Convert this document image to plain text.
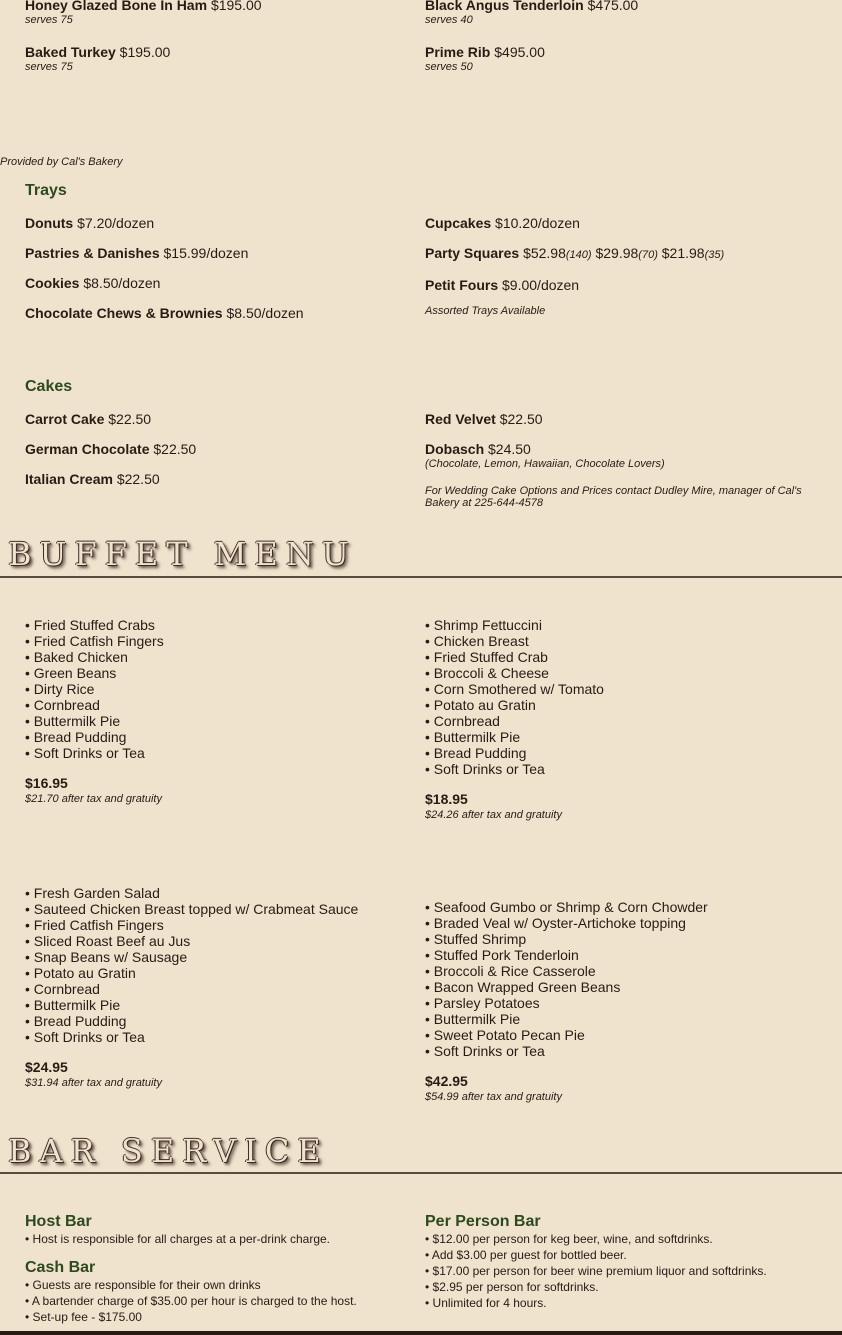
Honey Glazed Bone In Ham $195.00
serves 75
Baked Turkey $195.00
serves 75
Black Angus Tenderloin $475.00
serves 40
Prime Rib $495.00
serves 50
Provided by Cal's Bakery
Trays
Donuts $7.20/dozen
Pastries & Danishes $15.99/dozen
Cookies $8.50/dozen
Chocolate Chews & Brownies $8.50/dozen
Cupcakes $10.20/dozen
Party Squares $52.98(140) $29.98(70) $21.98(35)
Petit Fours $9.00/dozen
Assorted Trays Available
Cakes
Carrot Cake $22.50
German Chocolate $22.50
Italian Cream $22.50
Red Velvet $22.50
Dobasch $24.50
(Chocolate, Lemon, Hawaiian, Chocolate Lovers)
For Wedding Cake Options and Prices contact Dudley Mire, manager of Cal's Bakery at 225-644-4578
BUFFET MENU
• Fried Stuffed Crabs
• Fried Catfish Fingers
• Baked Chicken
• Green Beans
• Dirty Rice
• Cornbread
• Buttermilk Pie
• Bread Pudding
• Soft Drinks or Tea
$16.95
$21.70 after tax and gratuity
• Shrimp Fettuccini
• Chicken Breast
• Fried Stuffed Crab
• Broccoli & Cheese
• Corn Smothered w/ Tomato
• Potato au Gratin
• Cornbread
• Buttermilk Pie
• Bread Pudding
• Soft Drinks or Tea
$18.95
$24.26 after tax and gratuity
• Fresh Garden Salad
• Sauteed Chicken Breast topped w/ Crabmeat Sauce
• Fried Catfish Fingers
• Sliced Roast Beef au Jus
• Snap Beans w/ Sausage
• Potato au Gratin
• Cornbread
• Buttermilk Pie
• Bread Pudding
• Soft Drinks or Tea
$24.95
$31.94 after tax and gratuity
• Seafood Gumbo or Shrimp & Corn Chowder
• Braded Veal w/ Oyster-Artichoke topping
• Stuffed Shrimp
• Stuffed Pork Tenderloin
• Broccoli & Rice Casserole
• Bacon Wrapped Green Beans
• Parsley Potatoes
• Buttermilk Pie
• Sweet Potato Pecan Pie
• Soft Drinks or Tea
$42.95
$54.99 after tax and gratuity
BAR SERVICE
Host Bar
• Host is responsible for all charges at a per-drink charge.
Cash Bar
• Guests are responsible for their own drinks
• A bartender charge of $35.00 per hour is charged to the host.
• Set-up fee - $175.00
Per Person Bar
• $12.00 per person for keg beer, wine, and softdrinks.
• Add $3.00 per guest for bottled beer.
• $17.00 per person for beer wine premium liquor and softdrinks.
• $2.95 per person for softdrinks.
• Unlimited for 4 hours.
